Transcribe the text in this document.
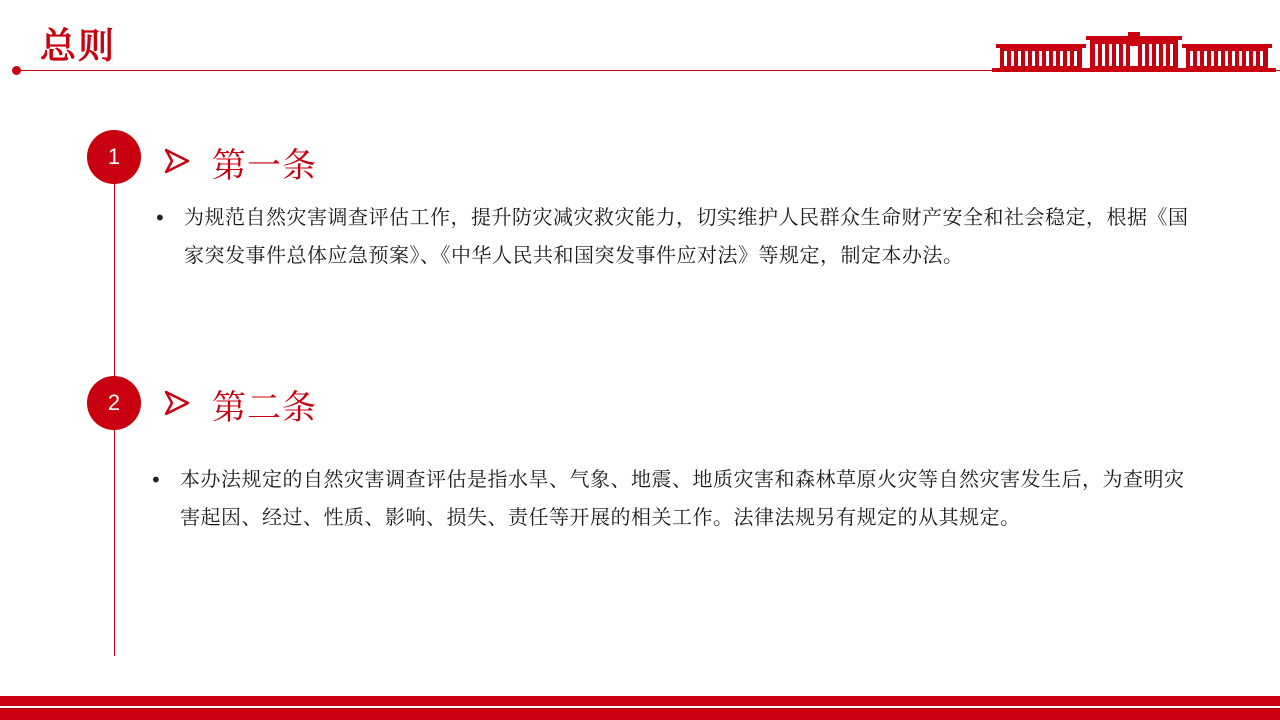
总则
1	第一条
• 为规范自然灾害调查评估工作，提升防灾减灾救灾能力，切实维护人民群众生命财产安全和社会稳定，根据《国家突发事件总体应急预案》、《中华人民共和国突发事件应对法》等规定，制定本办法。
2	第二条
• 本办法规定的自然灾害调查评估是指水旱、气象、地震、地质灾害和森林草原火灾等自然灾害发生后，为查明灾害起因、经过、性质、影响、损失、责任等开展的相关工作。法律法规另有规定的从其规定。
